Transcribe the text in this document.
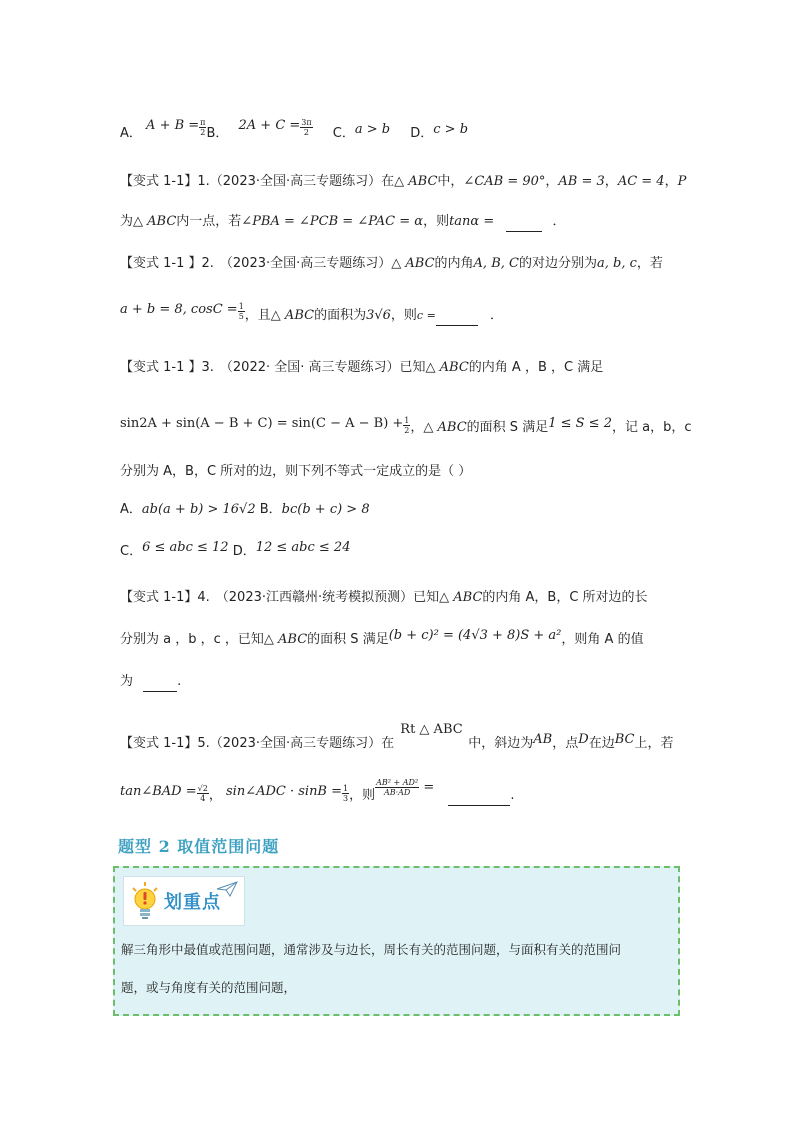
A． $A + B = \frac{\pi}{2}$ B． $2A + C = \frac{3\pi}{2}$ C．a > b D．c > b
【变式 1-1】1.（2023·全国·高三专题练习）在△ ABC中，∠CAB = 90°，AB = 3，AC = 4，P
为△ ABC内一点，若∠PBA = ∠PCB = ∠PAC = α，则tanα =	．
【变式 1-1 】2. （2023·全国·高三专题练习）△ ABC的内角A, B, C的对边分别为a, b, c，若
a + b = 8, $\cos C = \frac{1}{5}$ ，且△ ABC的面积为3√6，则c =	．
【变式 1-1 】3. （2022· 全国· 高三专题练习）已知△ ABC的内角 A ，B ，C 满足
$\sin 2A + \sin(A - B + C) = \sin(C - A - B) + \frac{1}{2}$ ，△ ABC的面积 S 满足1 ≤ S ≤ 2，记 a，b，c
分别为 A，B，C 所对的边，则下列不等式一定成立的是（ ）
A．ab(a + b) > 16√2 B．bc(b + c) > 8
C．6 ≤ abc ≤ 12 D．12 ≤ abc ≤ 24
【变式 1-1】4. （2023·江西赣州·统考模拟预测）已知△ ABC的内角 A，B，C 所对边的长
分别为 a ，b ，c ，已知△ ABC的面积 S 满足(b + c)² = (4√3 + 8)S + a²，则角 A 的值
为	.
【变式 1-1】5.（2023·全国·高三专题练习）在
Rt △ ABC
中，斜边为AB，点D在边BC上，若
tan∠BAD = $\frac{√2}{4}$ ， sin∠ADC · $\sin B = \frac{1}{3}$ ，则 $\frac{\text{AB² + AD²}}{AB\cdot AD}$ = .
题型 2 取值范围问题
划重点
解三角形中最值或范围问题，通常涉及与边长，周长有关的范围问题，与面积有关的范围问
题，或与角度有关的范围问题，
